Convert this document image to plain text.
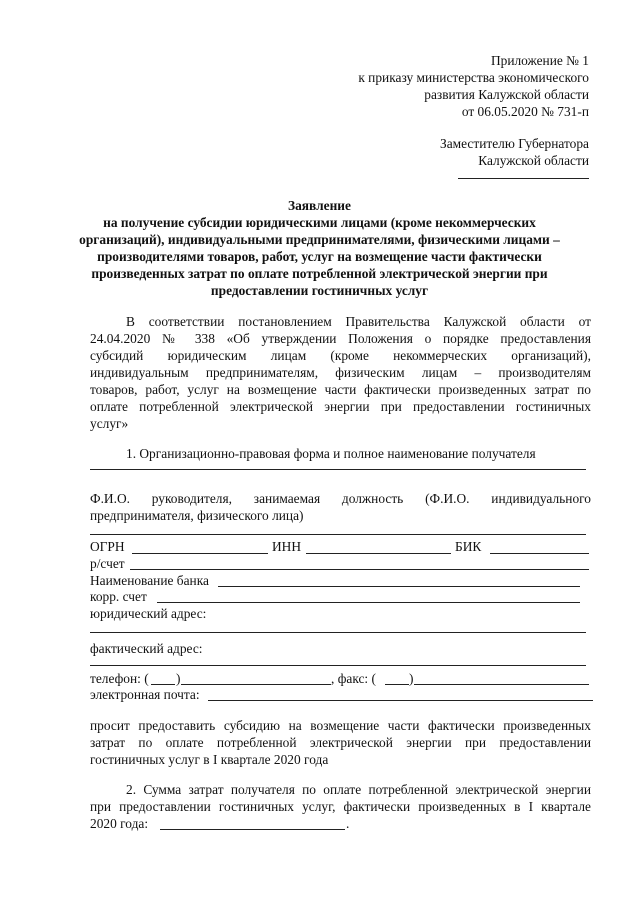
Приложение № 1
к приказу министерства экономического
развития Калужской области
от 06.05.2020 № 731-п
Заместителю Губернатора
Калужской области
Заявление
на получение субсидии юридическими лицами (кроме некоммерческих
организаций), индивидуальными предпринимателями, физическими лицами –
производителями товаров, работ, услуг на возмещение части фактически
произведенных затрат по оплате потребленной электрической энергии при
предоставлении гостиничных услуг
В соответствии постановлением Правительства Калужской области от
24.04.2020 № 338 «Об утверждении Положения о порядке предоставления
субсидий юридическим лицам (кроме некоммерческих организаций),
индивидуальным предпринимателям, физическим лицам – производителям
товаров, работ, услуг на возмещение части фактически произведенных затрат по
оплате потребленной электрической энергии при предоставлении гостиничных
услуг»
1. Организационно-правовая форма и полное наименование получателя
Ф.И.О. руководителя, занимаемая должность (Ф.И.О. индивидуального
предпринимателя, физического лица)
ОГРН	ИНН	БИК
р/счет
Наименование банка
корр. счет
юридический адрес:
фактический адрес:
телефон: ( )	, факс: ( )
электронная почта:
просит предоставить субсидию на возмещение части фактически произведенных
затрат по оплате потребленной электрической энергии при предоставлении
гостиничных услуг в I квартале 2020 года
2. Сумма затрат получателя по оплате потребленной электрической энергии
при предоставлении гостиничных услуг, фактически произведенных в I квартале
2020 года:	.
